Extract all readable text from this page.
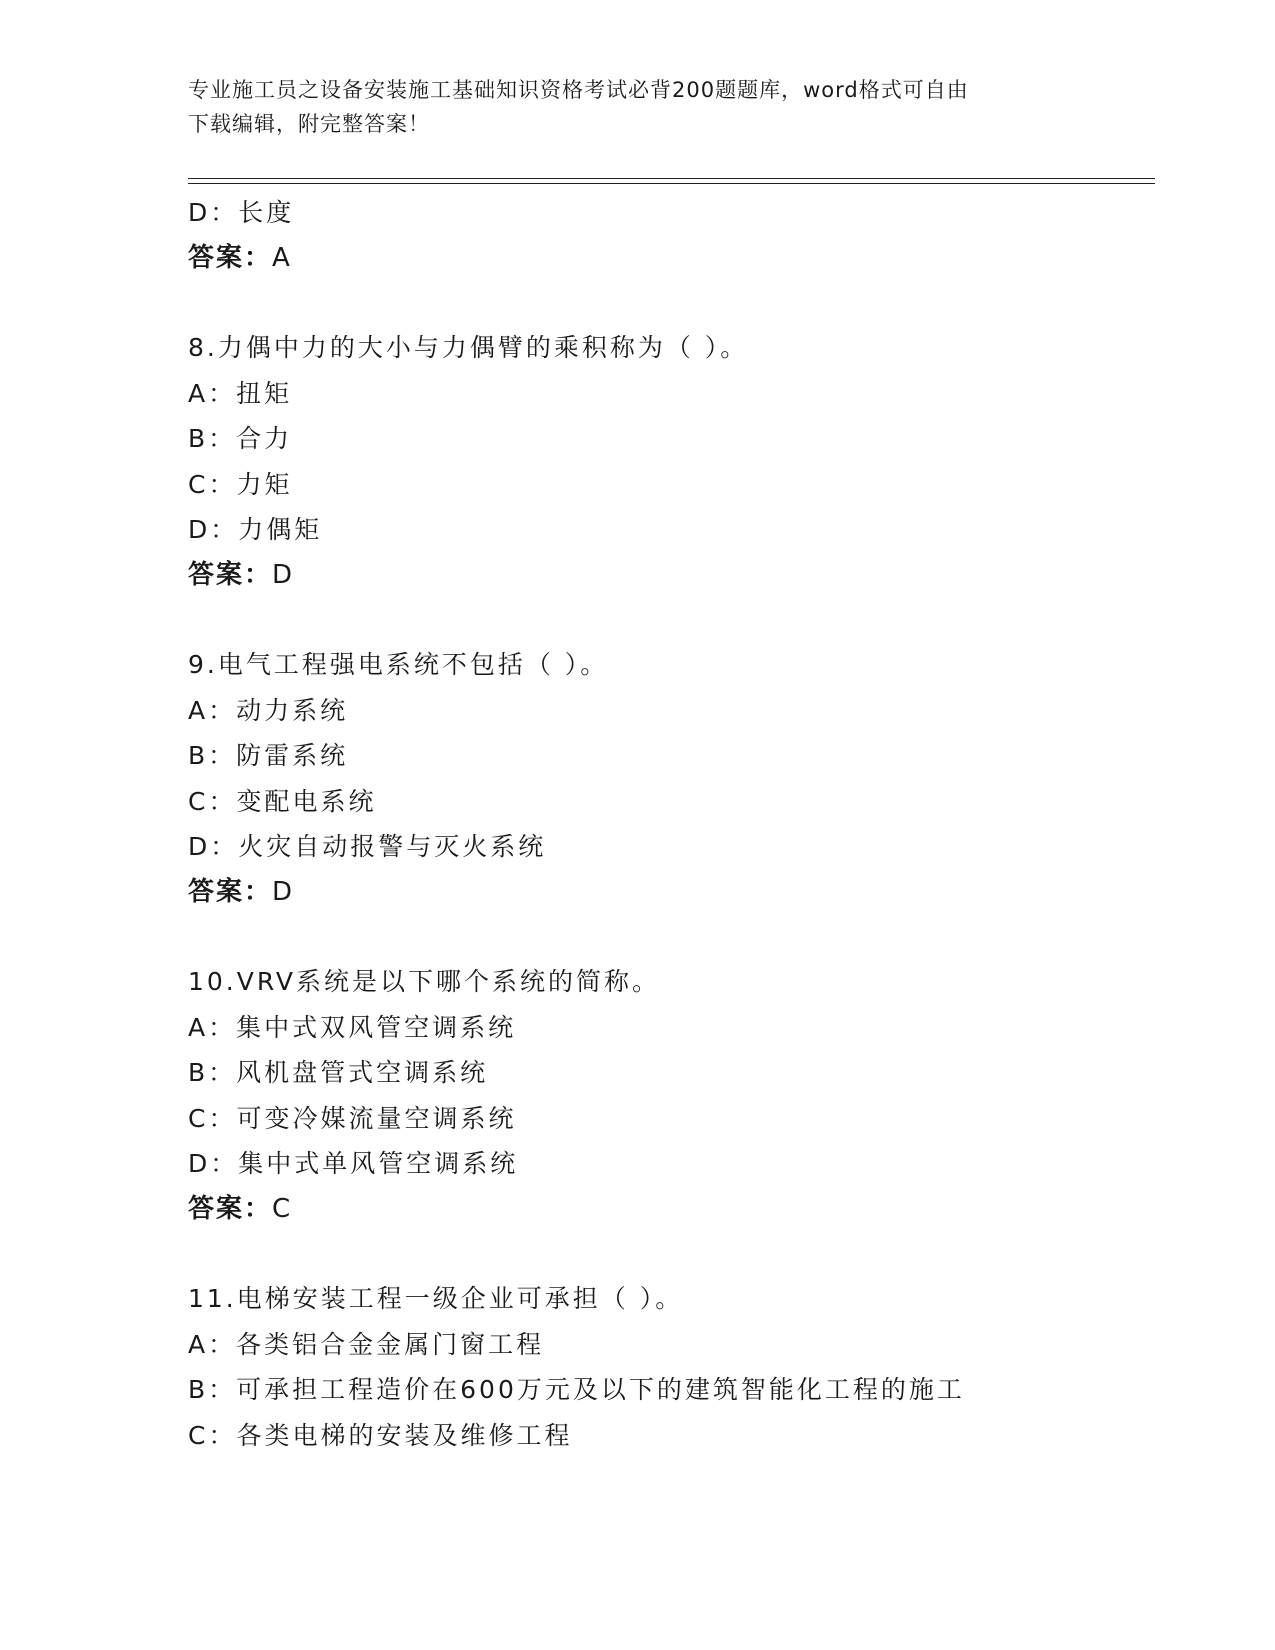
专业施工员之设备安装施工基础知识资格考试必背200题题库，word格式可自由
下载编辑，附完整答案！
D：长度
答案：A
8.力偶中力的大小与力偶臂的乘积称为（ ）。
A：扭矩
B：合力
C：力矩
D：力偶矩
答案：D
9.电气工程强电系统不包括（ ）。
A：动力系统
B：防雷系统
C：变配电系统
D：火灾自动报警与灭火系统
答案：D
10.VRV系统是以下哪个系统的简称。
A：集中式双风管空调系统
B：风机盘管式空调系统
C：可变冷媒流量空调系统
D：集中式单风管空调系统
答案：C
11.电梯安装工程一级企业可承担（ ）。
A：各类铝合金金属门窗工程
B：可承担工程造价在600万元及以下的建筑智能化工程的施工
C：各类电梯的安装及维修工程
